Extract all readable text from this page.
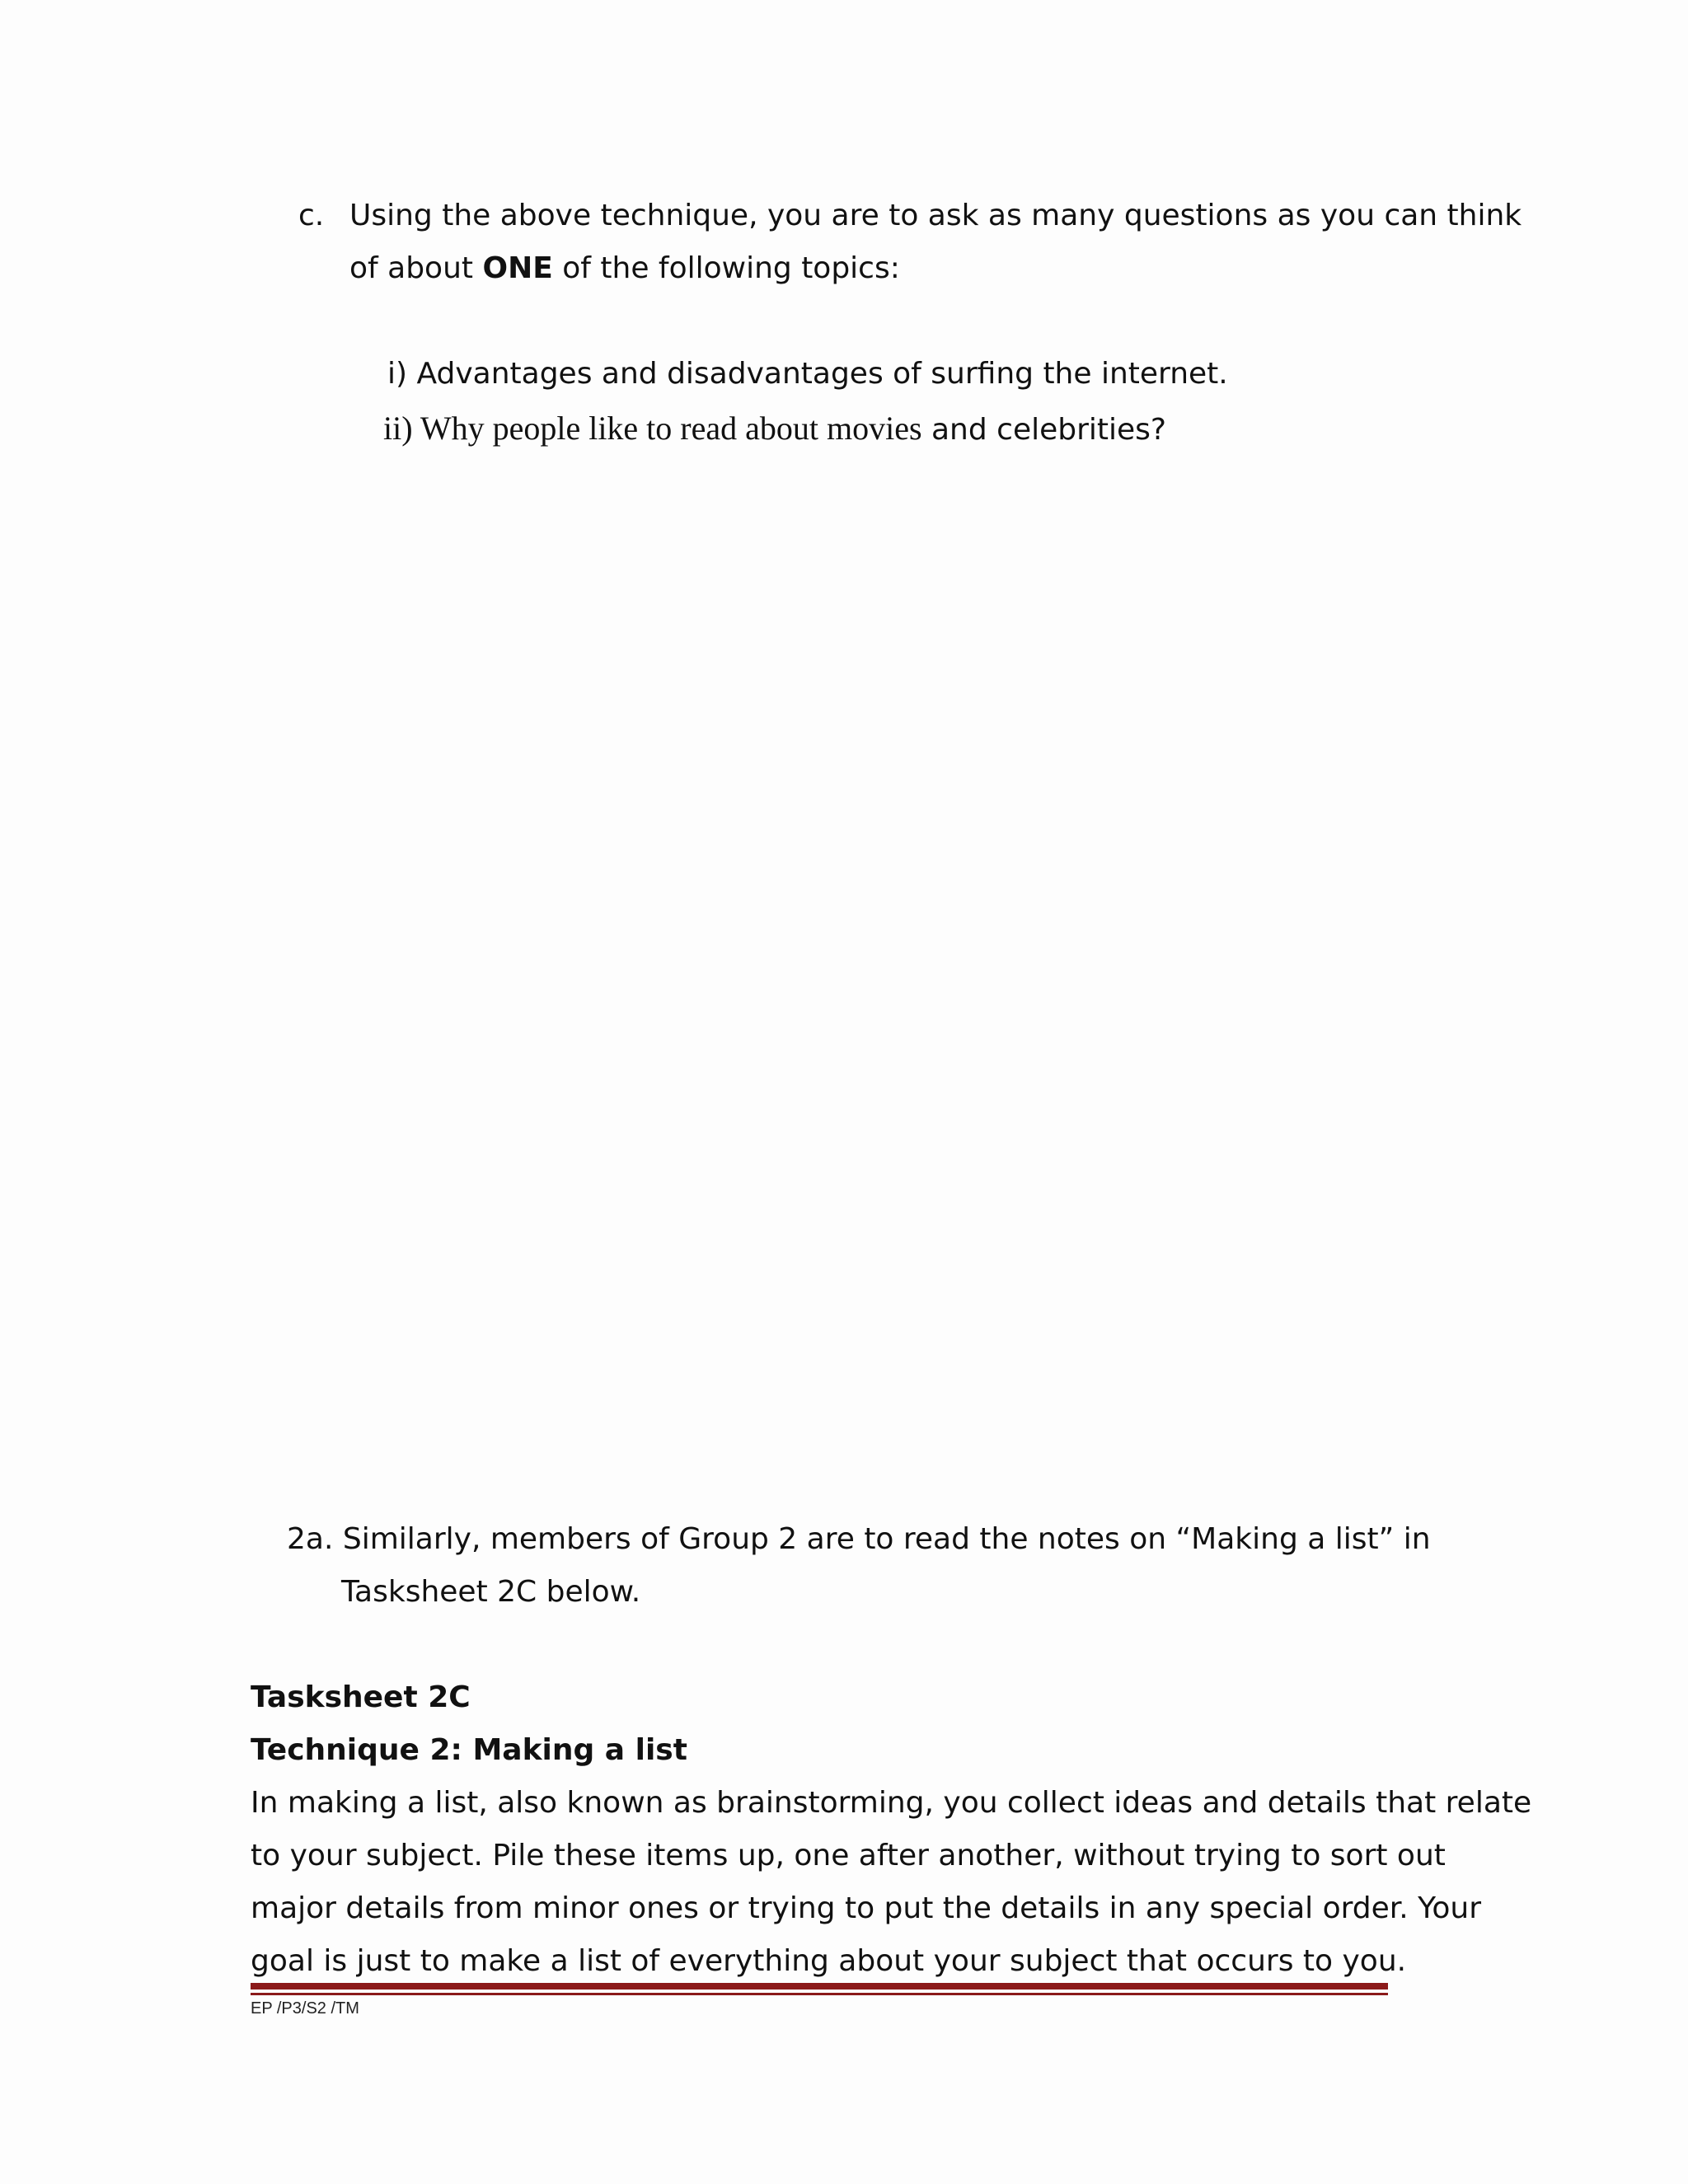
c. Using the above technique, you are to ask as many questions as you can think
of about ONE of the following topics:
i) Advantages and disadvantages of surfing the internet.
ii) Why people like to read about movies and celebrities?
2a. Similarly, members of Group 2 are to read the notes on “Making a list” in
Tasksheet 2C below.
Tasksheet 2C
Technique 2: Making a list
In making a list, also known as brainstorming, you collect ideas and details that relate
to your subject. Pile these items up, one after another, without trying to sort out
major details from minor ones or trying to put the details in any special order. Your
goal is just to make a list of everything about your subject that occurs to you.
EP /P3/S2 /TM
